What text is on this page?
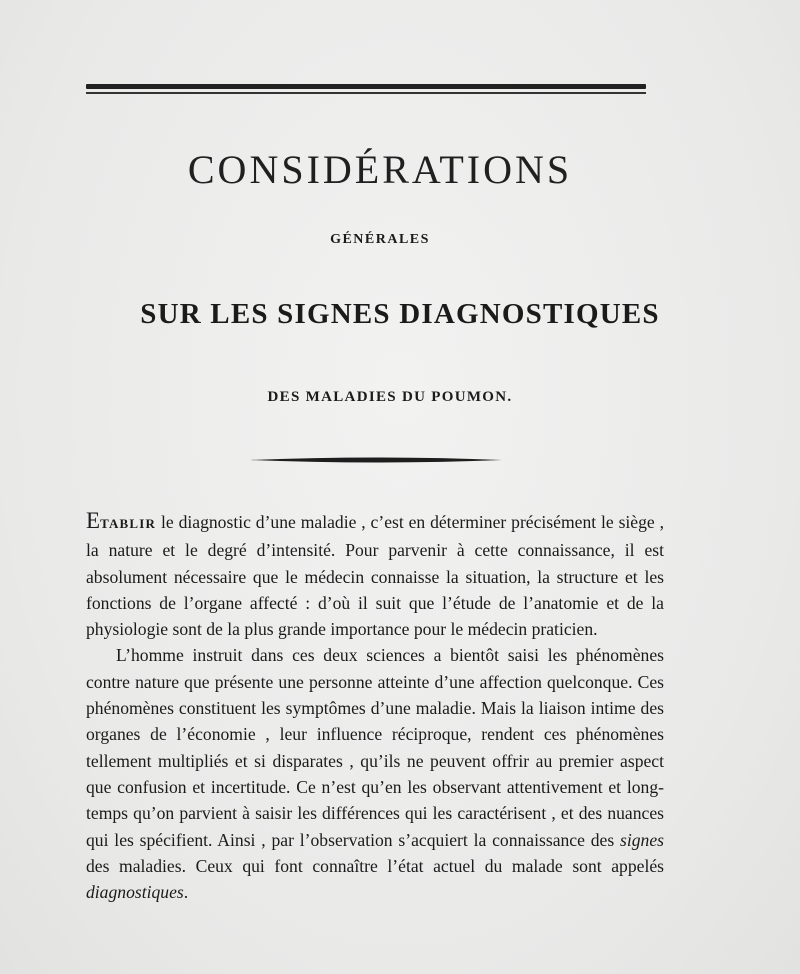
CONSIDÉRATIONS
GÉNÉRALES
SUR LES SIGNES DIAGNOSTIQUES
DES MALADIES DU POUMON.

ETABLIR le diagnostic d’une maladie , c’est en déterminer précisément le siège , la nature et le degré d’intensité. Pour parvenir à cette connaissance, il est absolument nécessaire que le médecin connaisse la situation, la structure et les fonctions de l’organe affecté : d’où il suit que l’étude de l’anatomie et de la physiologie sont de la plus grande importance pour le médecin praticien.

L’homme instruit dans ces deux sciences a bientôt saisi les phénomènes contre nature que présente une personne atteinte d’une affection quelconque. Ces phénomènes constituent les symptômes d’une maladie. Mais la liaison intime des organes de l’économie , leur influence réciproque, rendent ces phénomènes tellement multipliés et si disparates , qu’ils ne peuvent offrir au premier aspect que confusion et incertitude. Ce n’est qu’en les observant attentivement et long-temps qu’on parvient à saisir les différences qui les caractérisent , et des nuances qui les spécifient. Ainsi , par l’observation s’acquiert la connaissance des signes des maladies. Ceux qui font connaître l’état actuel du malade sont appelés diagnostiques.
